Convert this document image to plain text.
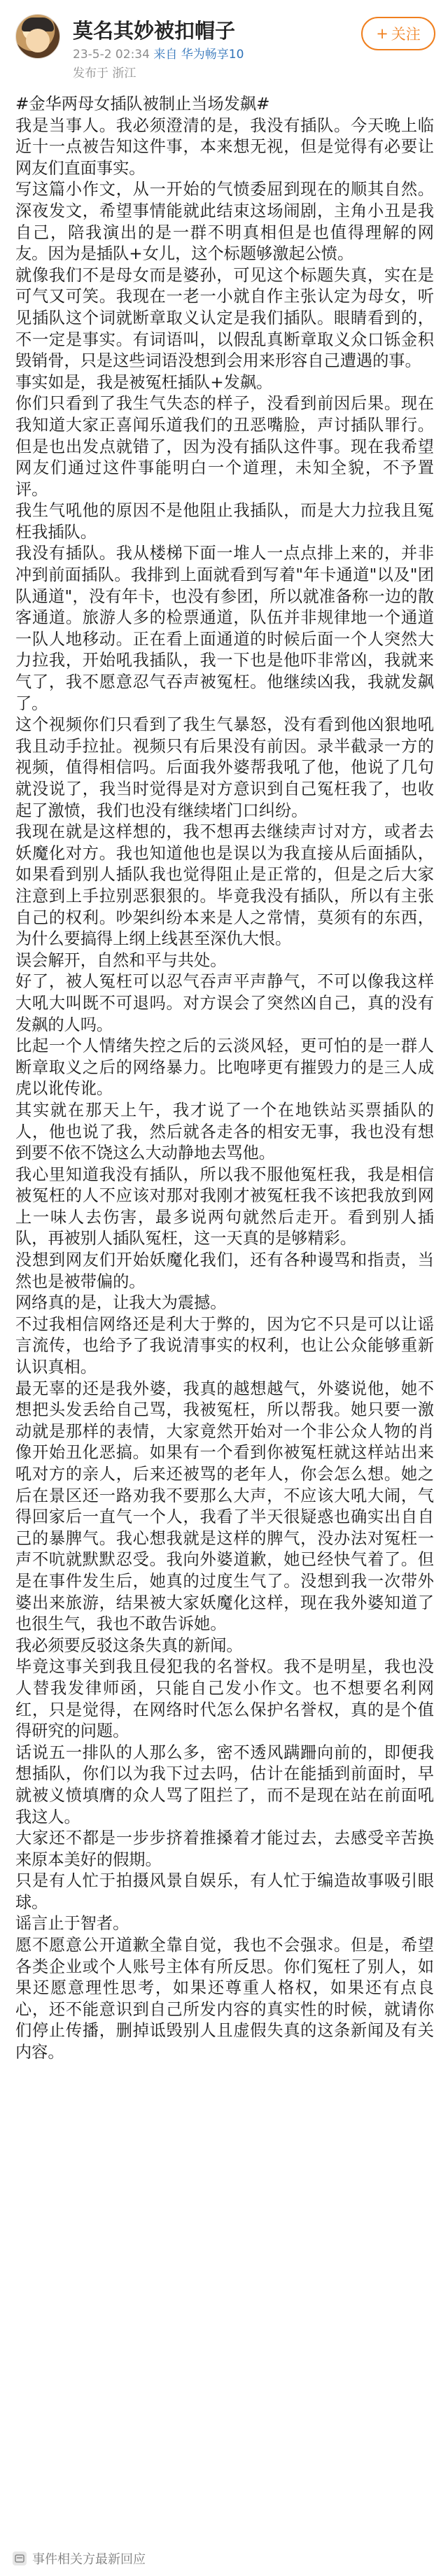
莫名其妙被扣帽子
23-5-2 02:34 来自 华为畅享10
发布于 浙江
+ 关注

#金华两母女插队被制止当场发飙#

我是当事人。我必须澄清的是，我没有插队。今天晚上临近十一点被告知这件事，本来想无视，但是觉得有必要让网友们直面事实。

写这篇小作文，从一开始的气愤委屈到现在的顺其自然。深夜发文，希望事情能就此结束这场闹剧，主角小丑是我自己，陪我演出的是一群不明真相但是也值得理解的网友。因为是插队+女儿，这个标题够激起公愤。

就像我们不是母女而是婆孙，可见这个标题失真，实在是可气又可笑。我现在一老一小就自作主张认定为母女，听见插队这个词就断章取义认定是我们插队。眼睛看到的，不一定是事实。有词语叫，以假乱真断章取义众口铄金积毁销骨，只是这些词语没想到会用来形容自己遭遇的事。

事实如是，我是被冤枉插队+发飙。

你们只看到了我生气失态的样子，没看到前因后果。现在我知道大家正喜闻乐道我们的丑恶嘴脸，声讨插队罪行。但是也出发点就错了，因为没有插队这件事。现在我希望网友们通过这件事能明白一个道理，未知全貌，不予置评。

我生气吼他的原因不是他阻止我插队，而是大力拉我且冤枉我插队。

我没有插队。我从楼梯下面一堆人一点点排上来的，并非冲到前面插队。我排到上面就看到写着"年卡通道"以及"团队通道"，没有年卡，也没有参团，所以就准备称一边的散客通道。旅游人多的检票通道，队伍并非规律地一个通道一队人地移动。正在看上面通道的时候后面一个人突然大力拉我，开始吼我插队，我一下也是他吓非常凶，我就来气了，我不愿意忍气吞声被冤枉。他继续凶我，我就发飙了。

这个视频你们只看到了我生气暴怒，没有看到他凶狠地吼我且动手拉扯。视频只有后果没有前因。录半截录一方的视频，值得相信吗。后面我外婆帮我吼了他，他说了几句就没说了，我当时觉得是对方意识到自己冤枉我了，也收起了激愤，我们也没有继续堵门口纠纷。

我现在就是这样想的，我不想再去继续声讨对方，或者去妖魔化对方。我也知道他也是误以为我直接从后面插队，如果看到别人插队我也觉得阻止是正常的，但是之后大家注意到上手拉别恶狠狠的。毕竟我没有插队，所以有主张自己的权利。吵架纠纷本来是人之常情，莫须有的东西，为什么要搞得上纲上线甚至深仇大恨。

误会解开，自然和平与共处。

好了，被人冤枉可以忍气吞声平声静气，不可以像我这样大吼大叫既不可退吗。对方误会了突然凶自己，真的没有发飙的人吗。

比起一个人情绪失控之后的云淡风轻，更可怕的是一群人断章取义之后的网络暴力。比咆哮更有摧毁力的是三人成虎以讹传讹。

其实就在那天上午，我才说了一个在地铁站买票插队的人，他也说了我，然后就各走各的相安无事，我也没有想到要不依不饶这么大动静地去骂他。

我心里知道我没有插队，所以我不服他冤枉我，我是相信被冤枉的人不应该对那对我刚才被冤枉我不该把我放到网上一味人去伤害，最多说两句就然后走开。看到别人插队，再被别人插队冤枉，这一天真的是够精彩。

没想到网友们开始妖魔化我们，还有各种谩骂和指责，当然也是被带偏的。

网络真的是，让我大为震撼。

不过我相信网络还是利大于弊的，因为它不只是可以让谣言流传，也给予了我说清事实的权利，也让公众能够重新认识真相。

最无辜的还是我外婆，我真的越想越气，外婆说他，她不想把头发丢给自己骂，我被冤枉，所以帮我。她只要一激动就是那样的表情，大家竟然开始对一个非公众人物的肖像开始丑化恶搞。如果有一个看到你被冤枉就这样站出来吼对方的亲人，后来还被骂的老年人，你会怎么想。她之后在景区还一路劝我不要那么大声，不应该大吼大闹，气得回家后一直气一个人，我看了半天很疑惑也确实出自自己的暴脾气。我心想我就是这样的脾气，没办法对冤枉一声不吭就默默忍受。我向外婆道歉，她已经快气着了。但是在事件发生后，她真的过度生气了。没想到我一次带外婆出来旅游，结果被大家妖魔化这样，现在我外婆知道了也很生气，我也不敢告诉她。

我必须要反驳这条失真的新闻。

毕竟这事关到我且侵犯我的名誉权。我不是明星，我也没人替我发律师函，只能自己发小作文。也不想要名利网红，只是觉得，在网络时代怎么保护名誉权，真的是个值得研究的问题。

话说五一排队的人那么多，密不透风蹒跚向前的，即便我想插队，你们以为我下过去吗，估计在能插到前面时，早就被义愤填膺的众人骂了阻拦了，而不是现在站在前面吼我这人。

大家还不都是一步步挤着推搡着才能过去，去感受辛苦换来原本美好的假期。

只是有人忙于拍摄风景自娱乐，有人忙于编造故事吸引眼球。

谣言止于智者。

愿不愿意公开道歉全靠自觉，我也不会强求。但是，希望各类企业或个人账号主体有所反思。你们冤枉了别人，如果还愿意理性思考，如果还尊重人格权，如果还有点良心，还不能意识到自己所发内容的真实性的时候，就请你们停止传播，删掉诋毁别人且虚假失真的这条新闻及有关内容。

事件相关方最新回应
